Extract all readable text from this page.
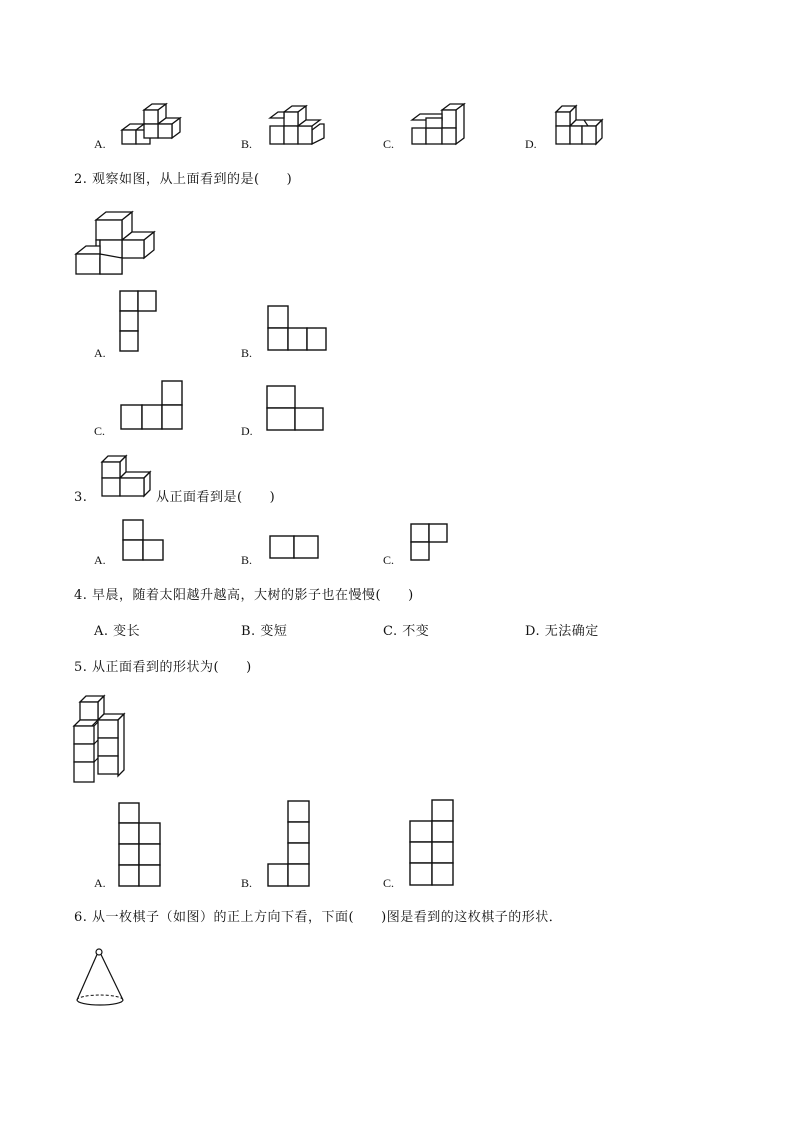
A.	B.	C.	D.
2. 观察如图，从上面看到的是(　　)
A.	B.
C.	D.
3.	从正面看到是(　　)
A.	B.	C.
4. 早晨，随着太阳越升越高，大树的影子也在慢慢(　　)
A. 变长	B. 变短	C. 不变	D. 无法确定
5. 从正面看到的形状为(　　)
A.	B.	C.
6. 从一枚棋子（如图）的正上方向下看，下面(　　)图是看到的这枚棋子的形状．
